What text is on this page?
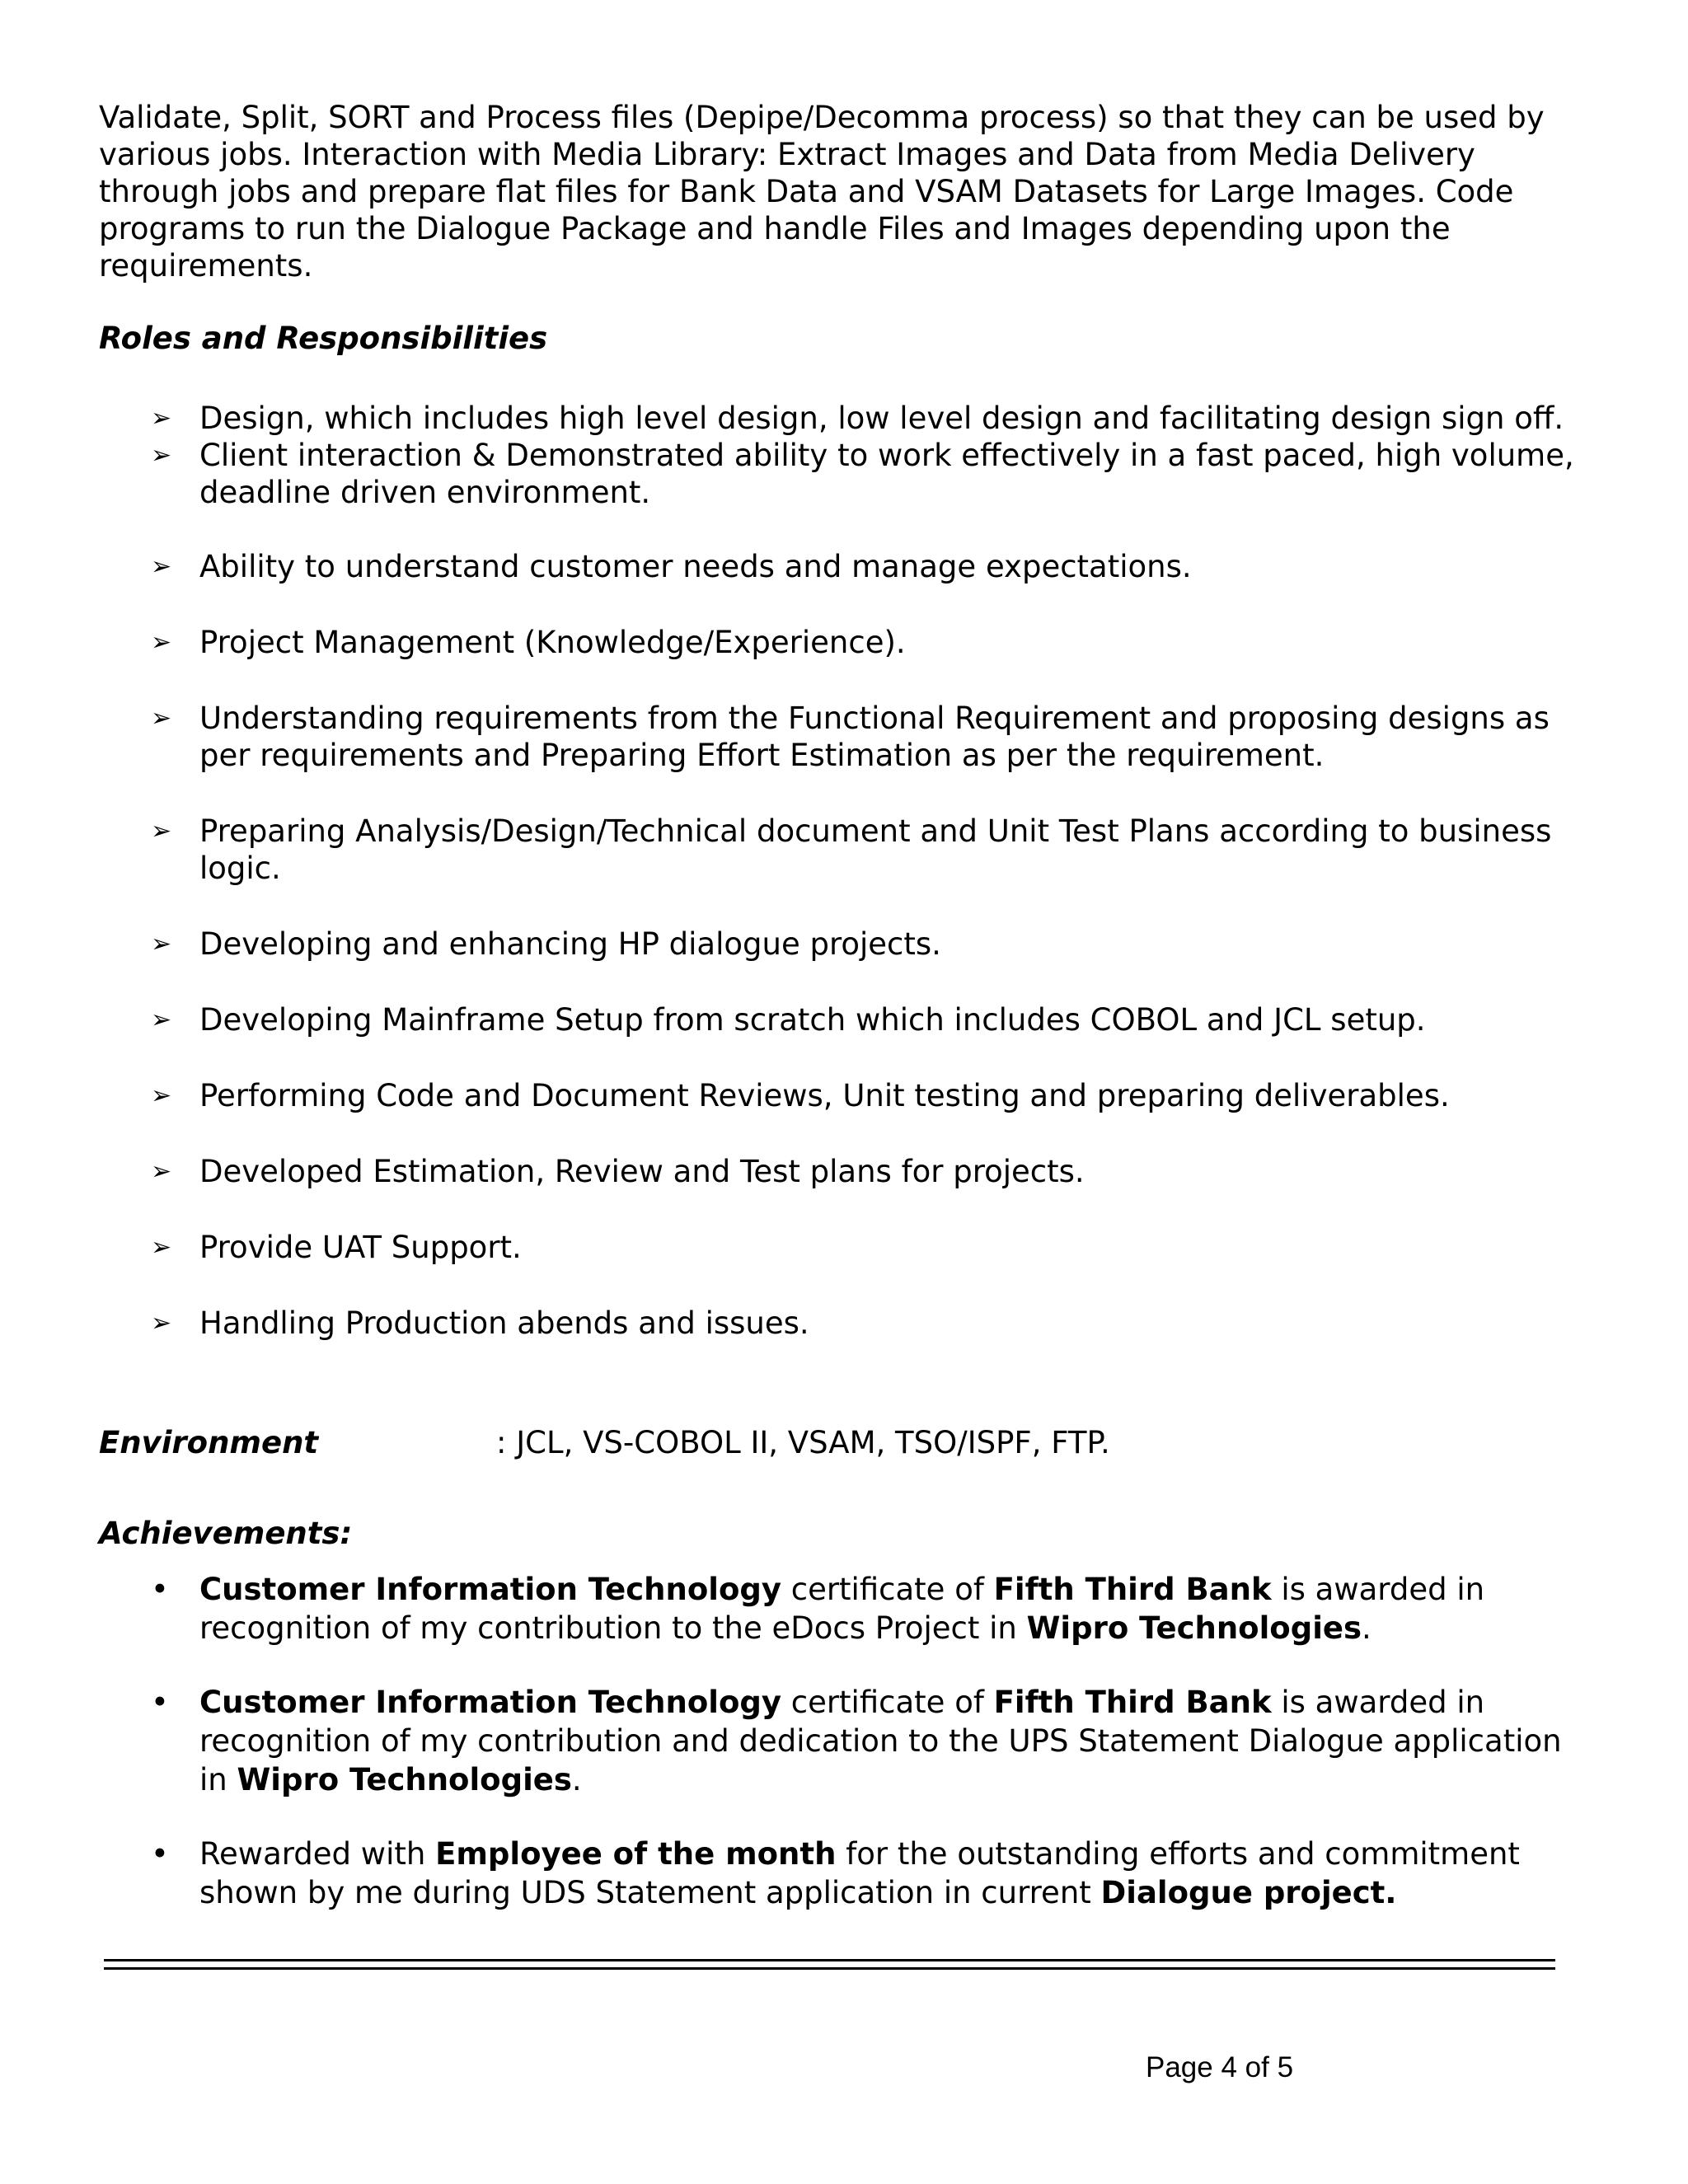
Validate, Split, SORT and Process files (Depipe/Decomma process) so that they can be used by various jobs. Interaction with Media Library: Extract Images and Data from Media Delivery through jobs and prepare flat files for Bank Data and VSAM Datasets for Large Images. Code programs to run the Dialogue Package and handle Files and Images depending upon the requirements.

Roles and Responsibilities

➢ Design, which includes high level design, low level design and facilitating design sign off.
➢ Client interaction & Demonstrated ability to work effectively in a fast paced, high volume, deadline driven environment.
➢ Ability to understand customer needs and manage expectations.
➢ Project Management (Knowledge/Experience).
➢ Understanding requirements from the Functional Requirement and proposing designs as per requirements and Preparing Effort Estimation as per the requirement.
➢ Preparing Analysis/Design/Technical document and Unit Test Plans according to business logic.
➢ Developing and enhancing HP dialogue projects.
➢ Developing Mainframe Setup from scratch which includes COBOL and JCL setup.
➢ Performing Code and Document Reviews, Unit testing and preparing deliverables.
➢ Developed Estimation, Review and Test plans for projects.
➢ Provide UAT Support.
➢ Handling Production abends and issues.
Environment	: JCL, VS-COBOL II, VSAM, TSO/ISPF, FTP.

Achievements:

• Customer Information Technology certificate of Fifth Third Bank is awarded in recognition of my contribution to the eDocs Project in Wipro Technologies.
• Customer Information Technology certificate of Fifth Third Bank is awarded in recognition of my contribution and dedication to the UPS Statement Dialogue application in Wipro Technologies.
• Rewarded with Employee of the month for the outstanding efforts and commitment shown by me during UDS Statement application in current Dialogue project.
Page 4 of 5
